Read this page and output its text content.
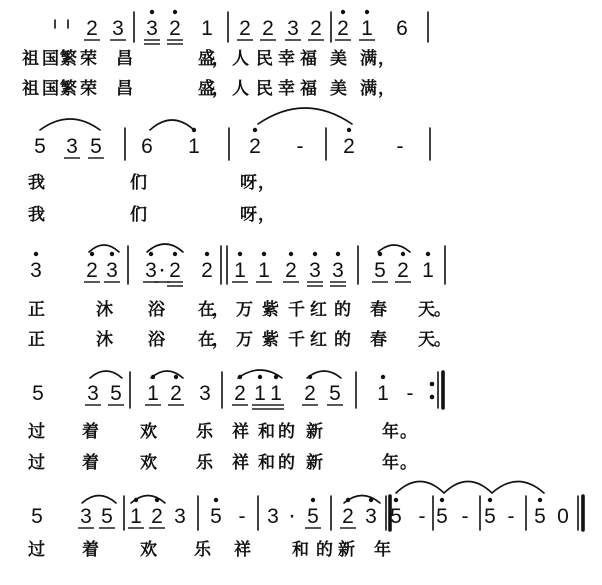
2 3 3 2 1 2 2 3 2 2 1 6
祖 国 繁 荣 昌	盛
， 人 民 幸 福 美 满 ，
祖 国 繁 荣 昌	盛
， 人 民 幸 福 美 满 ，
5 3 5 6 1 2 - 2 -
我	们	呀 ，
我	们	呀 ，
3 2 3 3 · 2 2 1 1 2 3 3 5 2 1
正	沐 浴 在
， 万 紫 千 红 的 春 天 。
正	沐 浴 在
， 万 紫 千 红 的 春 天 。
5 3 5 1 2 3 2 1 1 2 5 1 -
过 着 欢 乐 祥 和 的 新	年 。
过 着 欢 乐 祥 和 的 新	年 。
5 3 5 1 2 3 5 - 3 · 5 2 3 5 - 5 - 5 - 5 0
过 着 欢 乐 祥 和 的 新 年
